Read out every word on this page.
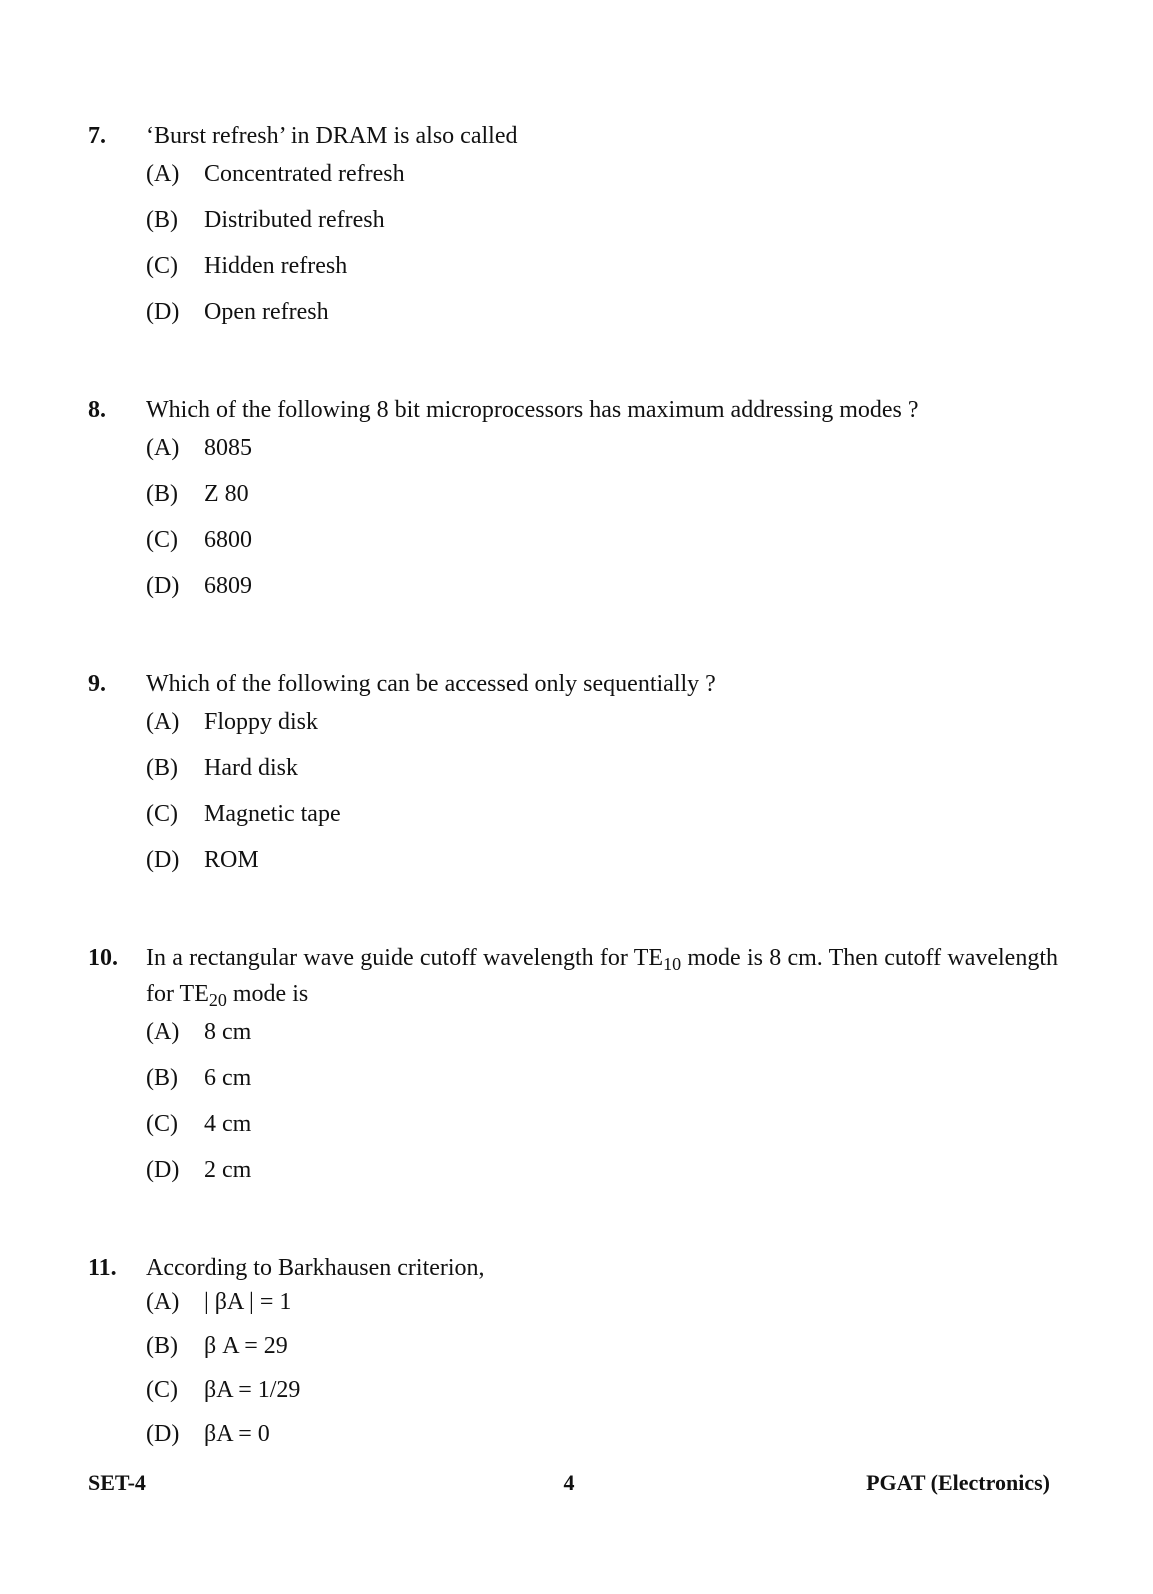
7.	‘Burst refresh’ in DRAM is also called
(A)	Concentrated refresh
(B)	Distributed refresh
(C)	Hidden refresh
(D)	Open refresh
8.	Which of the following 8 bit microprocessors has maximum addressing modes ?
(A)	8085
(B)	Z 80
(C)	6800
(D)	6809
9.	Which of the following can be accessed only sequentially ?
(A)	Floppy disk
(B)	Hard disk
(C)	Magnetic tape
(D)	ROM
10.	In a rectangular wave guide cutoff wavelength for $TE_{10}$ mode is 8 cm. Then cutoff wavelength for $TE_{20}$ mode is
(A)	8 cm
(B)	6 cm
(C)	4 cm
(D)	2 cm
11.	According to Barkhausen criterion,
(A)	| βA | = 1
(B)	β A = 29
(C)	βA = 1/29
(D)	βA = 0
SET-4	4	PGAT (Electronics)
